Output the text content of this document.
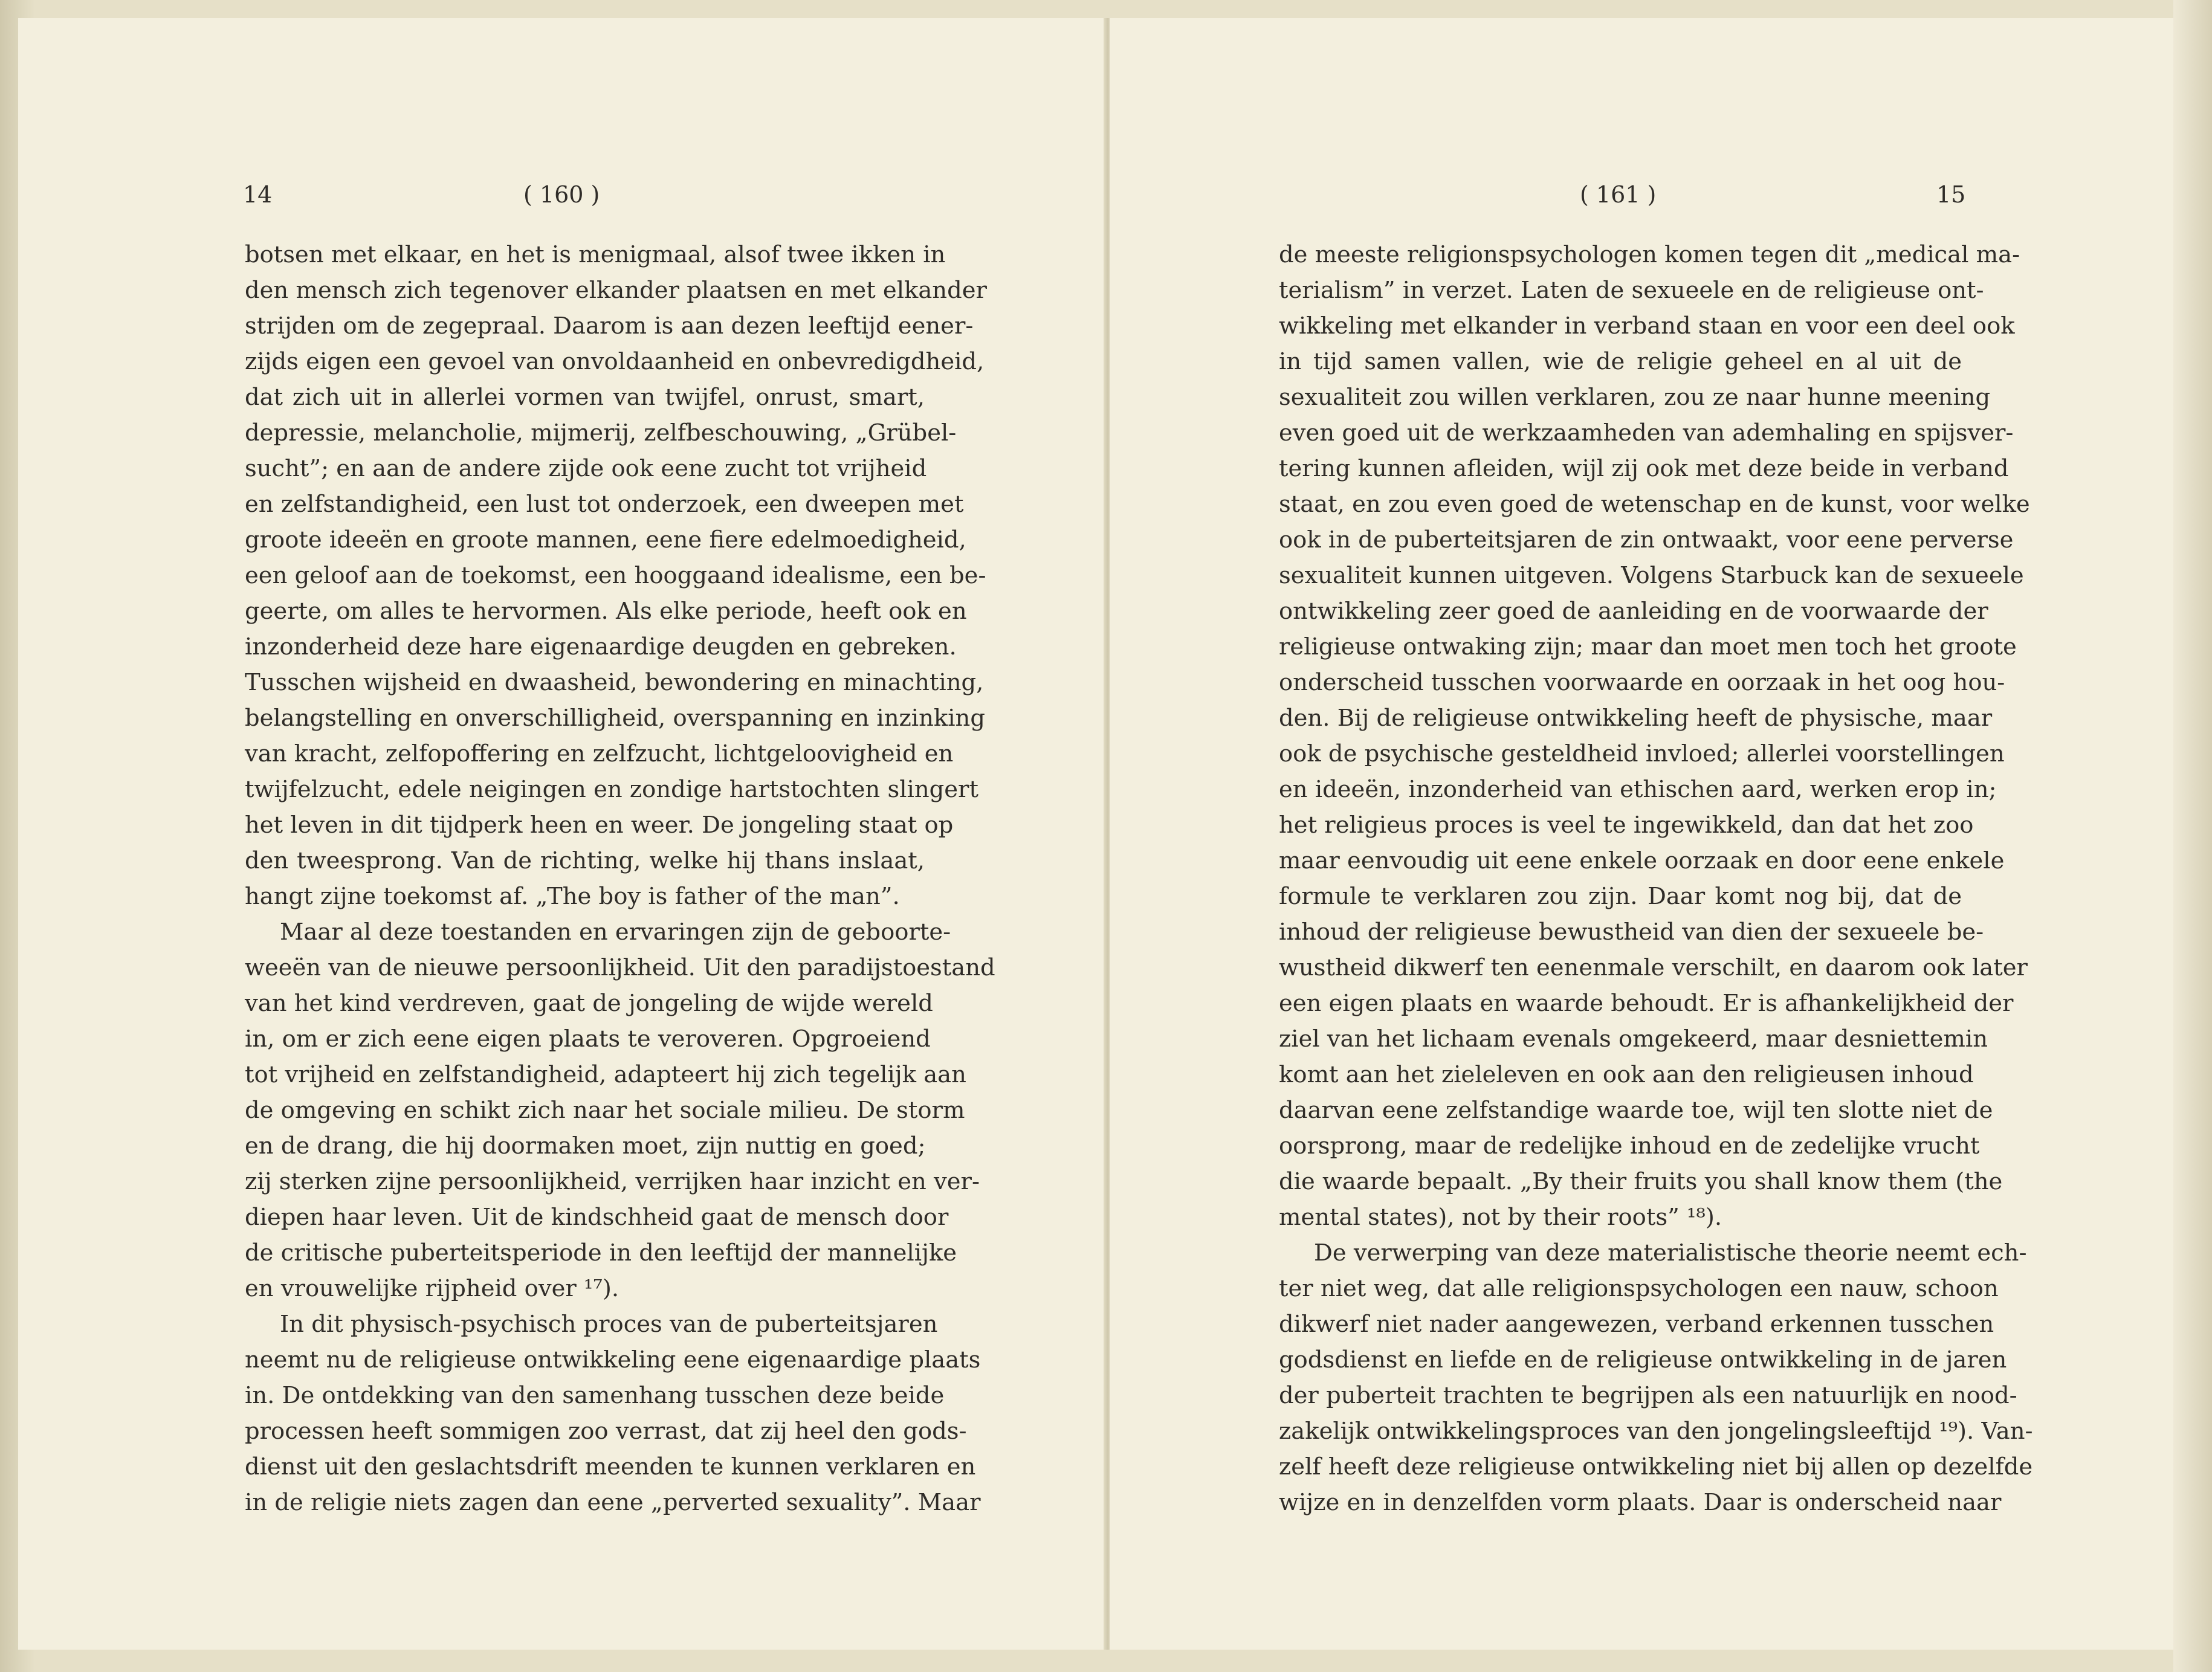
14	( 160 )
botsen met elkaar, en het is menigmaal, alsof twee ikken in
den mensch zich tegenover elkander plaatsen en met elkander
strijden om de zegepraal. Daarom is aan dezen leeftijd eener-
zijds eigen een gevoel van onvoldaanheid en onbevredigdheid,
dat zich uit in allerlei vormen van twijfel, onrust, smart,
depressie, melancholie, mijmerij, zelfbeschouwing, „Grübel-
sucht”; en aan de andere zijde ook eene zucht tot vrijheid
en zelfstandigheid, een lust tot onderzoek, een dweepen met
groote ideeën en groote mannen, eene fiere edelmoedigheid,
een geloof aan de toekomst, een hooggaand idealisme, een be-
geerte, om alles te hervormen. Als elke periode, heeft ook en
inzonderheid deze hare eigenaardige deugden en gebreken.
Tusschen wijsheid en dwaasheid, bewondering en minachting,
belangstelling en onverschilligheid, overspanning en inzinking
van kracht, zelfopoffering en zelfzucht, lichtgeloovigheid en
twijfelzucht, edele neigingen en zondige hartstochten slingert
het leven in dit tijdperk heen en weer. De jongeling staat op
den tweesprong. Van de richting, welke hij thans inslaat,
hangt zijne toekomst af. „The boy is father of the man”.
Maar al deze toestanden en ervaringen zijn de geboorte-
weeën van de nieuwe persoonlijkheid. Uit den paradijstoestand
van het kind verdreven, gaat de jongeling de wijde wereld
in, om er zich eene eigen plaats te veroveren. Opgroeiend
tot vrijheid en zelfstandigheid, adapteert hij zich tegelijk aan
de omgeving en schikt zich naar het sociale milieu. De storm
en de drang, die hij doormaken moet, zijn nuttig en goed;
zij sterken zijne persoonlijkheid, verrijken haar inzicht en ver-
diepen haar leven. Uit de kindschheid gaat de mensch door
de critische puberteitsperiode in den leeftijd der mannelijke
en vrouwelijke rijpheid over ¹⁷).
In dit physisch-psychisch proces van de puberteitsjaren
neemt nu de religieuse ontwikkeling eene eigenaardige plaats
in. De ontdekking van den samenhang tusschen deze beide
processen heeft sommigen zoo verrast, dat zij heel den gods-
dienst uit den geslachtsdrift meenden te kunnen verklaren en
in de religie niets zagen dan eene „perverted sexuality”. Maar
( 161 )	15
de meeste religionspsychologen komen tegen dit „medical ma-
terialism” in verzet. Laten de sexueele en de religieuse ont-
wikkeling met elkander in verband staan en voor een deel ook
in tijd samen vallen, wie de religie geheel en al uit de
sexualiteit zou willen verklaren, zou ze naar hunne meening
even goed uit de werkzaamheden van ademhaling en spijsver-
tering kunnen afleiden, wijl zij ook met deze beide in verband
staat, en zou even goed de wetenschap en de kunst, voor welke
ook in de puberteitsjaren de zin ontwaakt, voor eene perverse
sexualiteit kunnen uitgeven. Volgens Starbuck kan de sexueele
ontwikkeling zeer goed de aanleiding en de voorwaarde der
religieuse ontwaking zijn; maar dan moet men toch het groote
onderscheid tusschen voorwaarde en oorzaak in het oog hou-
den. Bij de religieuse ontwikkeling heeft de physische, maar
ook de psychische gesteldheid invloed; allerlei voorstellingen
en ideeën, inzonderheid van ethischen aard, werken erop in;
het religieus proces is veel te ingewikkeld, dan dat het zoo
maar eenvoudig uit eene enkele oorzaak en door eene enkele
formule te verklaren zou zijn. Daar komt nog bij, dat de
inhoud der religieuse bewustheid van dien der sexueele be-
wustheid dikwerf ten eenenmale verschilt, en daarom ook later
een eigen plaats en waarde behoudt. Er is afhankelijkheid der
ziel van het lichaam evenals omgekeerd, maar desniettemin
komt aan het zieleleven en ook aan den religieusen inhoud
daarvan eene zelfstandige waarde toe, wijl ten slotte niet de
oorsprong, maar de redelijke inhoud en de zedelijke vrucht
die waarde bepaalt. „By their fruits you shall know them (the
mental states), not by their roots” ¹⁸).
De verwerping van deze materialistische theorie neemt ech-
ter niet weg, dat alle religionspsychologen een nauw, schoon
dikwerf niet nader aangewezen, verband erkennen tusschen
godsdienst en liefde en de religieuse ontwikkeling in de jaren
der puberteit trachten te begrijpen als een natuurlijk en nood-
zakelijk ontwikkelingsproces van den jongelingsleeftijd ¹⁹). Van-
zelf heeft deze religieuse ontwikkeling niet bij allen op dezelfde
wijze en in denzelfden vorm plaats. Daar is onderscheid naar
